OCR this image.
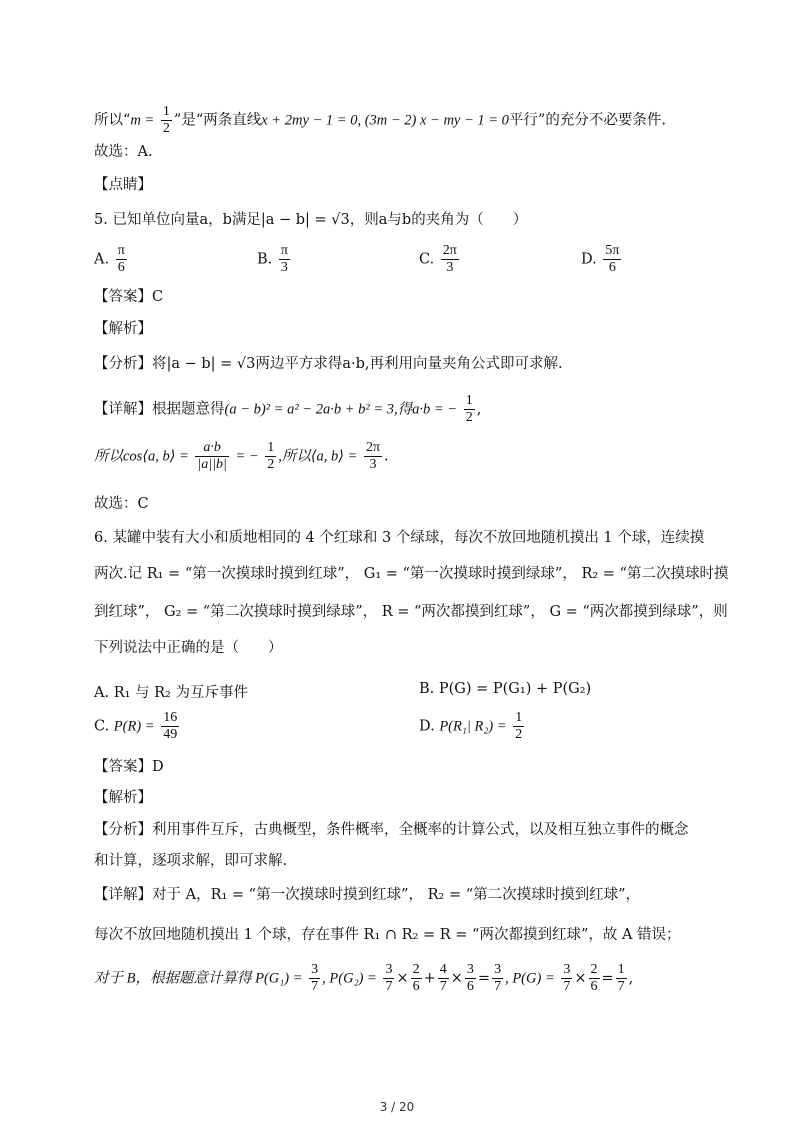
所以“$m = \frac{1}{2}$ ”是“两条直线x + 2my − 1 = 0, (3m − 2) x − my − 1 = 0平行”的充分不必要条件.
故选：A.
【点睛】
5. 已知单位向量a，b满足|a − b| = √3，则a与b的夹角为（　　）
A. $\frac{\pi}{6}$	B. $\frac{\pi}{3}$	C. $\frac{2\pi}{3}$	D. $\frac{5\pi}{6}$
【答案】C
【解析】
【分析】将|a − b| = √3两边平方求得a·b,再利用向量夹角公式即可求解.
【详解】根据题意得(a − b)² = a² − 2a·b + b² = 3,得a·b = − $\frac{1}{2}$ ,
所以cos⟨a, b⟩ = $\frac{a\cdot b}{|a||b|}$ = − $\frac{1}{2}$ ,所以⟨a, b⟩ = $\frac{2\pi}{3}$ .
故选：C
6. 某罐中装有大小和质地相同的 4 个红球和 3 个绿球，每次不放回地随机摸出 1 个球，连续摸
两次.记 R₁ = “第一次摸球时摸到红球”， G₁ = “第一次摸球时摸到绿球”， R₂ = “第二次摸球时摸
到红球”， G₂ = “第二次摸球时摸到绿球”， R = “两次都摸到红球”， G = “两次都摸到绿球”，则
下列说法中正确的是（　　）
A. R₁ 与 R₂ 为互斥事件	B. P(G) = P(G₁) + P(G₂)
C. $P(R) = \frac{16}{49}$	D. P(R₁| $R_2) = \frac{1}{2}$
【答案】D
【解析】
【分析】利用事件互斥，古典概型，条件概率，全概率的计算公式，以及相互独立事件的概念
和计算，逐项求解，即可求解.
【详解】对于 A，R₁ = “第一次摸球时摸到红球”， R₂ = “第二次摸球时摸到红球”，
每次不放回地随机摸出 1 个球，存在事件 R₁ ∩ R₂ = R = “两次都摸到红球”，故 A 错误；
对于 B，根据题意计算得 $P(G_1) = \frac{3}{7}$ , $P(G_2) = \frac{3}{7} \times \frac{2}{6} + \frac{4}{7} \times \frac{3}{6} = \frac{3}{7}$ , $P(G) = \frac{3}{7} \times \frac{2}{6} = \frac{1}{7}$ ,
3 / 20
